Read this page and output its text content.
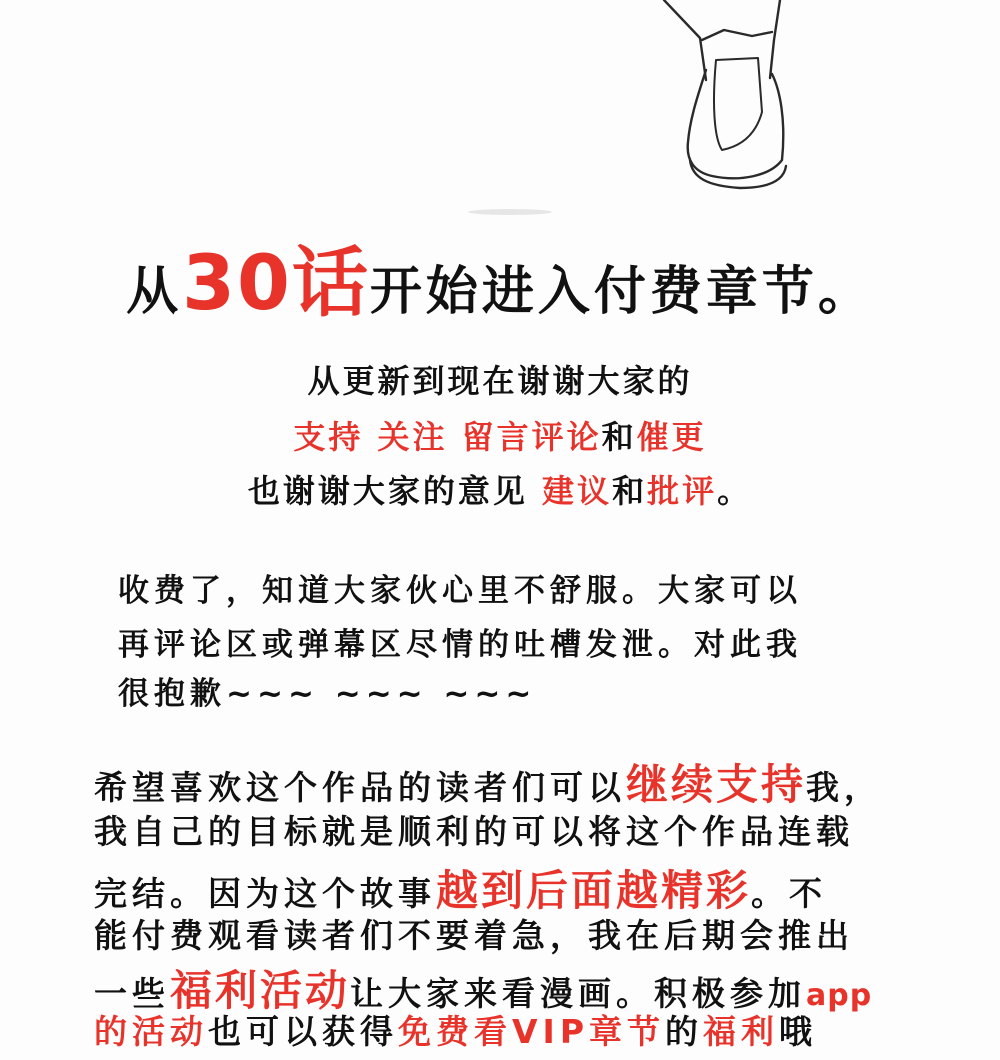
从30话开始进入付费章节。
从更新到现在谢谢大家的
支持 关注 留言评论和催更
也谢谢大家的意见 建议和批评。
收费了，知道大家伙心里不舒服。大家可以
再评论区或弹幕区尽情的吐槽发泄。对此我
很抱歉~~~ ~~~ ~~~
希望喜欢这个作品的读者们可以继续支持我，
我自己的目标就是顺利的可以将这个作品连载
完结。因为这个故事越到后面越精彩。不
能付费观看读者们不要着急，我在后期会推出
一些福利活动让大家来看漫画。积极参加app
的活动也可以获得免费看VIP章节的福利哦
